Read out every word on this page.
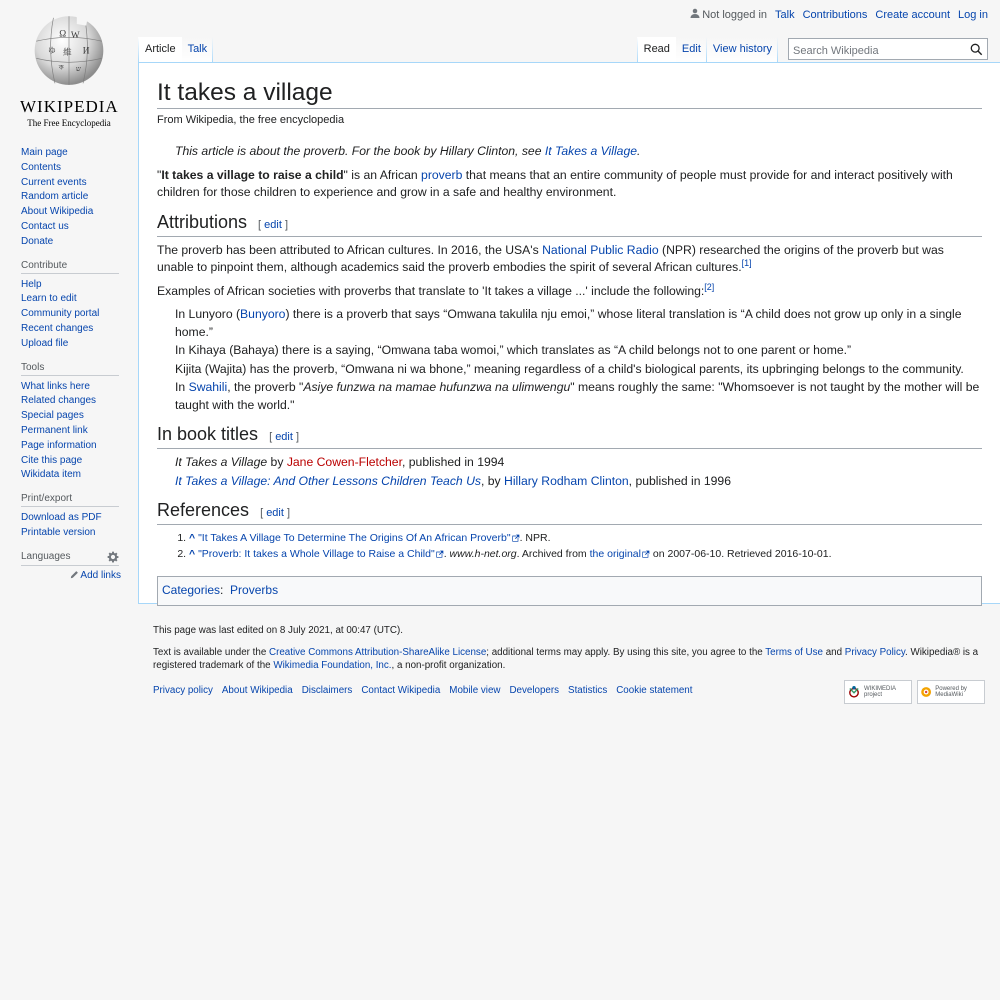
Not logged in Talk Contributions Create account Log in
Ω W
ゆ И
維
ক ש
WIKIPEDIA
The Free Encyclopedia
Main page
Contents
Current events
Random article
About Wikipedia
Contact us
Donate
Contribute
Help
Learn to edit
Community portal
Recent changes
Upload file
Tools
What links here
Related changes
Special pages
Permanent link
Page information
Cite this page
Wikidata item
Print/export
Download as PDF
Printable version
Languages
Add links
Article	Talk	Read	Edit	View history
Search Wikipedia
It takes a village
From Wikipedia, the free encyclopedia
This article is about the proverb. For the book by Hillary Clinton, see It Takes a Village.

"It takes a village to raise a child" is an African proverb that means that an entire community of people must provide for and interact positively with children for those children to experience and grow in a safe and healthy environment.

Attributions [ edit ]

The proverb has been attributed to African cultures. In 2016, the USA's National Public Radio (NPR) researched the origins of the proverb but was unable to pinpoint them, although academics said the proverb embodies the spirit of several African cultures.[1]

Examples of African societies with proverbs that translate to 'It takes a village ...' include the following:[2]

In Lunyoro (Bunyoro) there is a proverb that says “Omwana takulila nju emoi,” whose literal translation is “A child does not grow up only in a single home.”
In Kihaya (Bahaya) there is a saying, “Omwana taba womoi,” which translates as “A child belongs not to one parent or home.”
Kijita (Wajita) has the proverb, “Omwana ni wa bhone,” meaning regardless of a child's biological parents, its upbringing belongs to the community.
In Swahili, the proverb "Asiye funzwa na mamae hufunzwa na ulimwengu" means roughly the same: "Whomsoever is not taught by the mother will be taught with the world."
In book titles [ edit ]
It Takes a Village by Jane Cowen-Fletcher, published in 1994
It Takes a Village: And Other Lessons Children Teach Us, by Hillary Rodham Clinton, published in 1996
References [ edit ]
1. ^ "It Takes A Village To Determine The Origins Of An African Proverb" . NPR.
2. ^ "Proverb: It takes a Whole Village to Raise a Child" . www.h-net.org. Archived from the original on 2007-06-10. Retrieved 2016-10-01.
Categories:  Proverbs
This page was last edited on 8 July 2021, at 00:47 (UTC).
Text is available under the Creative Commons Attribution-ShareAlike License; additional terms may apply. By using this site, you agree to the Terms of Use and Privacy Policy. Wikipedia® is a registered trademark of the Wikimedia Foundation, Inc., a non-profit organization.
Privacy policy About Wikipedia Disclaimers Contact Wikipedia Mobile view Developers Statistics Cookie statement	WIKIMEDIA project
Powered by MediaWiki
